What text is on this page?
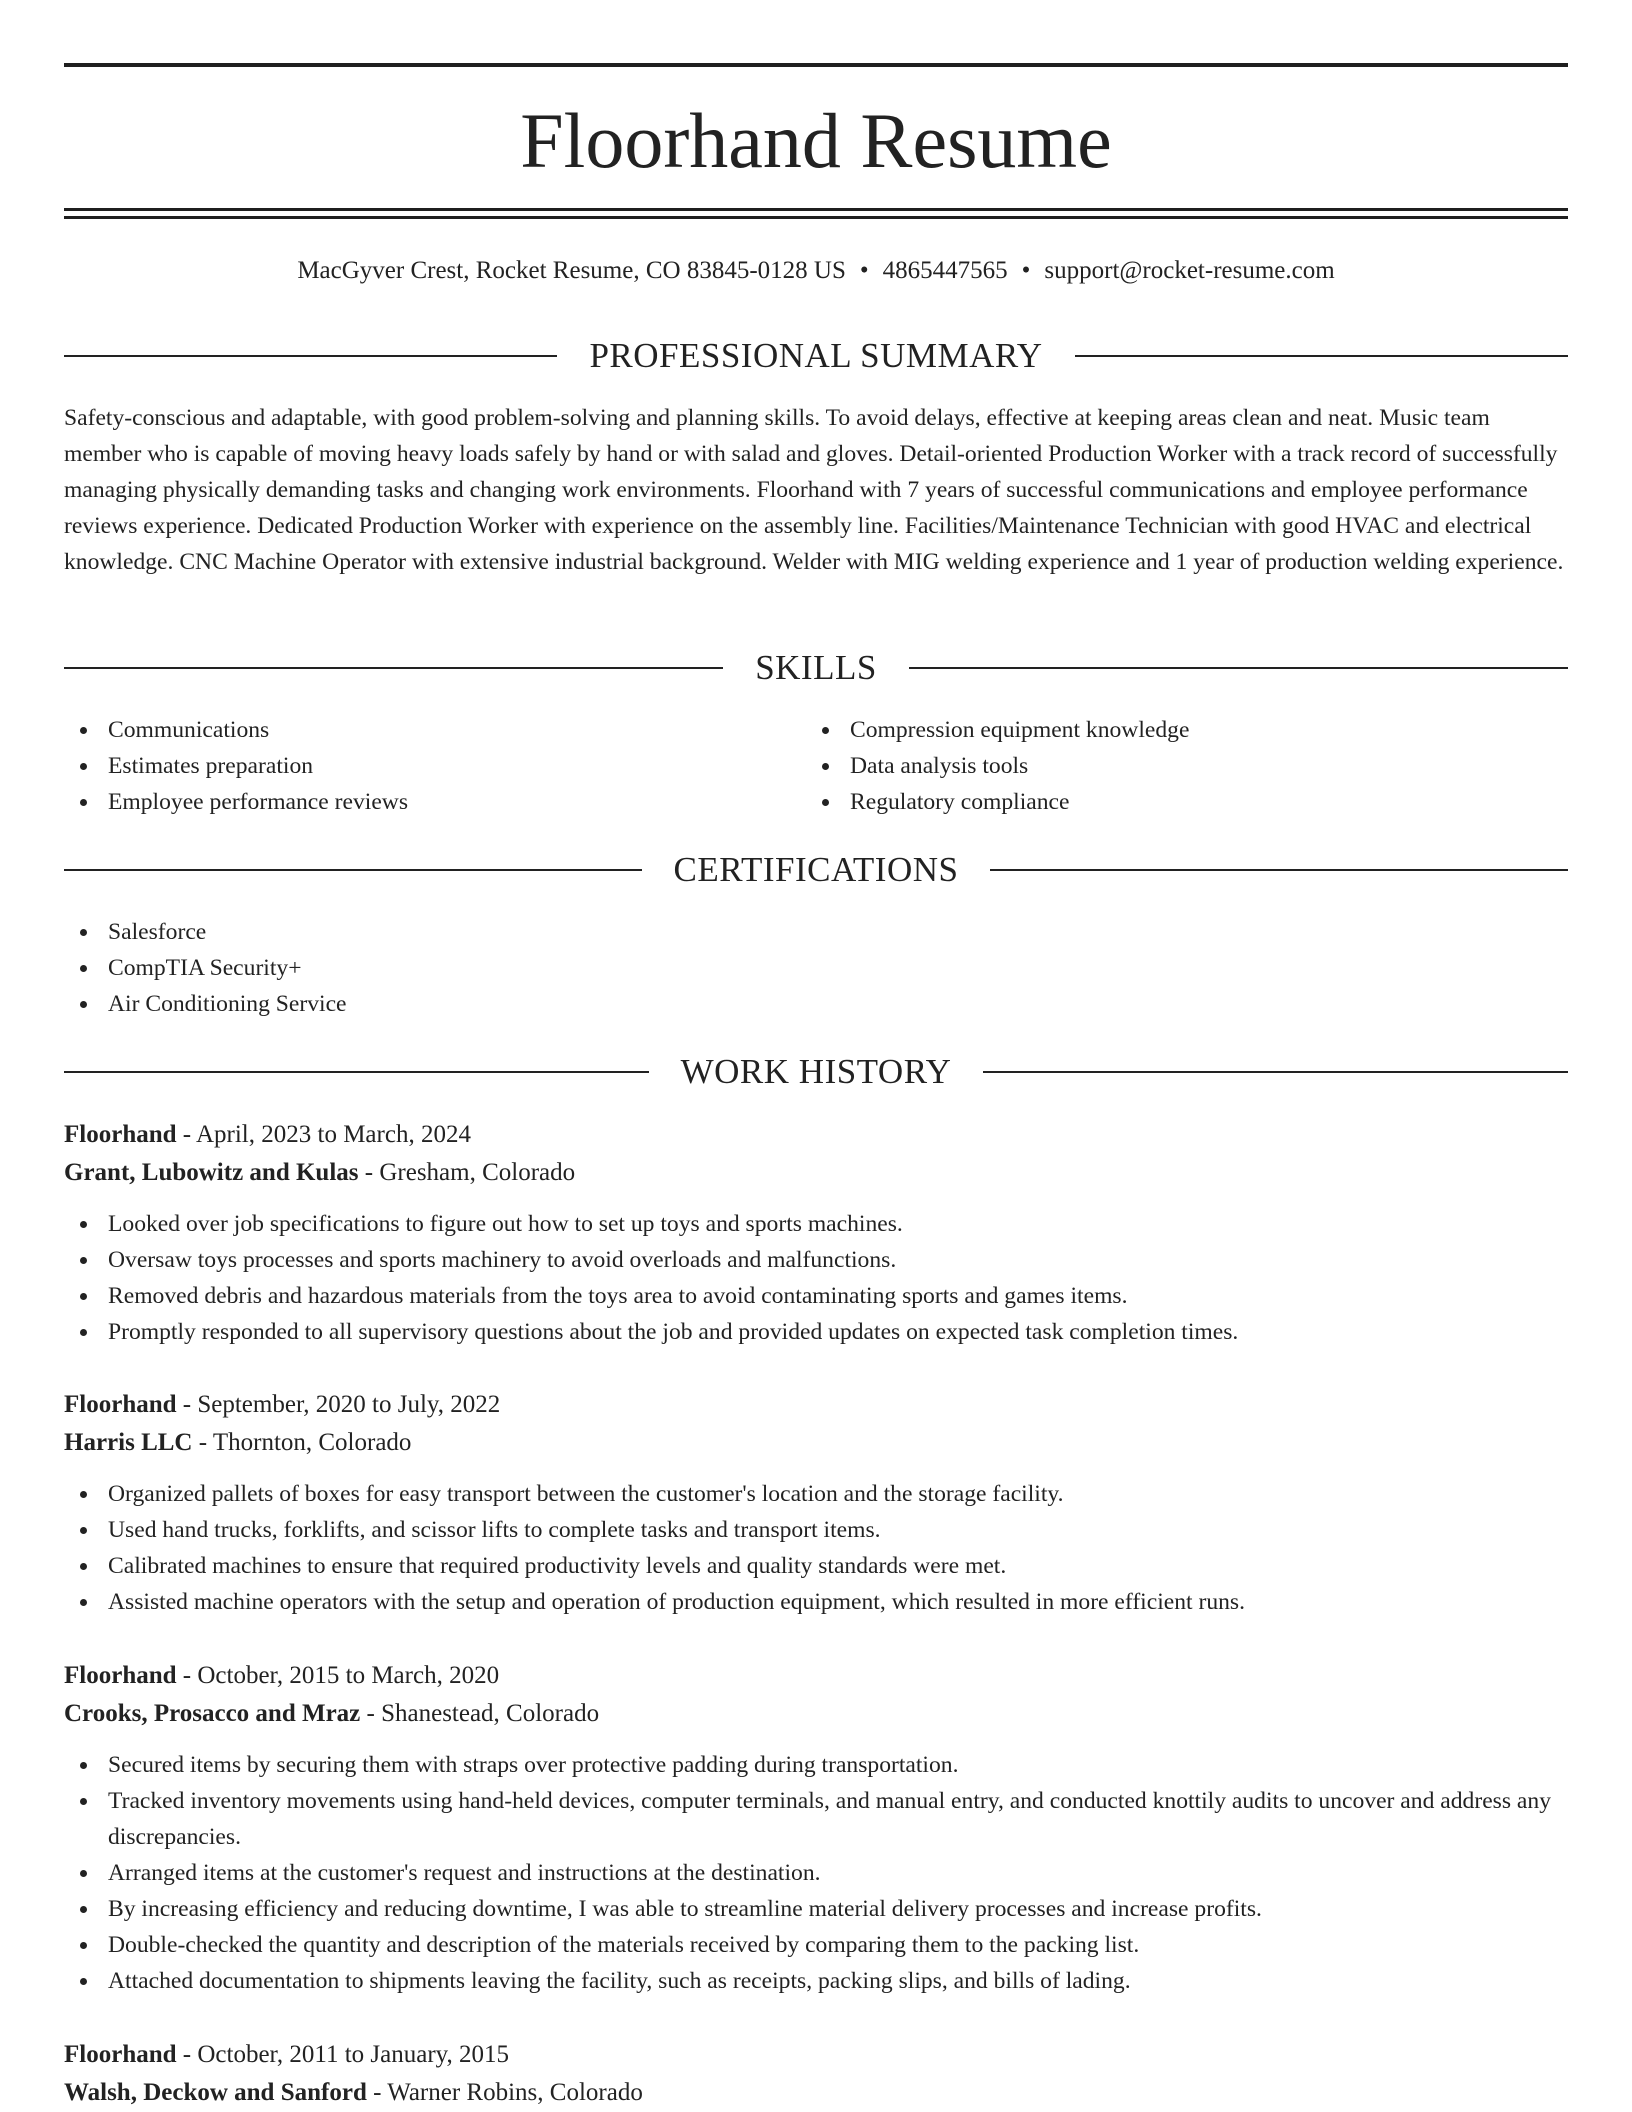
Floorhand Resume
MacGyver Crest, Rocket Resume, CO 83845-0128 US • 4865447565 • support@rocket-resume.com
PROFESSIONAL SUMMARY

Safety-conscious and adaptable, with good problem-solving and planning skills. To avoid delays, effective at keeping areas clean and neat. Music team member who is capable of moving heavy loads safely by hand or with salad and gloves. Detail-oriented Production Worker with a track record of successfully managing physically demanding tasks and changing work environments. Floorhand with 7 years of successful communications and employee performance reviews experience. Dedicated Production Worker with experience on the assembly line. Facilities/Maintenance Technician with good HVAC and electrical knowledge. CNC Machine Operator with extensive industrial background. Welder with MIG welding experience and 1 year of production welding experience.

SKILLS
Communications
Estimates preparation
Employee performance reviews
Compression equipment knowledge
Data analysis tools
Regulatory compliance
CERTIFICATIONS
Salesforce
CompTIA Security+
Air Conditioning Service
WORK HISTORY
Floorhand - April, 2023 to March, 2024
Grant, Lubowitz and Kulas - Gresham, Colorado
Looked over job specifications to figure out how to set up toys and sports machines.
Oversaw toys processes and sports machinery to avoid overloads and malfunctions.
Removed debris and hazardous materials from the toys area to avoid contaminating sports and games items.
Promptly responded to all supervisory questions about the job and provided updates on expected task completion times.
Floorhand - September, 2020 to July, 2022
Harris LLC - Thornton, Colorado
Organized pallets of boxes for easy transport between the customer's location and the storage facility.
Used hand trucks, forklifts, and scissor lifts to complete tasks and transport items.
Calibrated machines to ensure that required productivity levels and quality standards were met.
Assisted machine operators with the setup and operation of production equipment, which resulted in more efficient runs.
Floorhand - October, 2015 to March, 2020
Crooks, Prosacco and Mraz - Shanestead, Colorado
Secured items by securing them with straps over protective padding during transportation.
Tracked inventory movements using hand-held devices, computer terminals, and manual entry, and conducted knottily audits to uncover and address any discrepancies.
Arranged items at the customer's request and instructions at the destination.
By increasing efficiency and reducing downtime, I was able to streamline material delivery processes and increase profits.
Double-checked the quantity and description of the materials received by comparing them to the packing list.
Attached documentation to shipments leaving the facility, such as receipts, packing slips, and bills of lading.
Floorhand - October, 2011 to January, 2015
Walsh, Deckow and Sanford - Warner Robins, Colorado
